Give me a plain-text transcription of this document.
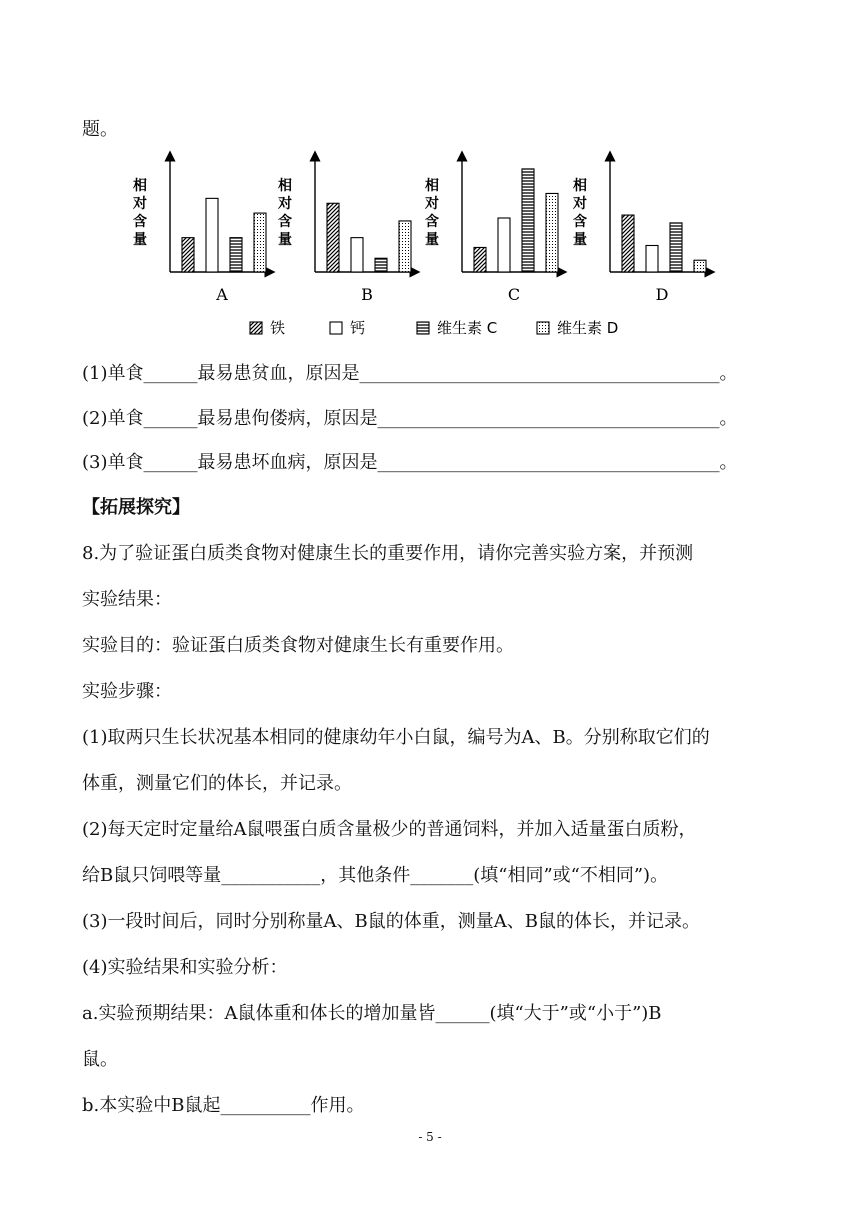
题。
相
对
含
量
A
相
对
含
量
B
相
对
含
量
C
相
对
含
量
D
铁	钙	维生素 C	维生素 D
(1)单食______最易患贫血，原因是________________________________________。
(2)单食______最易患佝偻病，原因是______________________________________。
(3)单食______最易患坏血病，原因是______________________________________。
【拓展探究】
8.为了验证蛋白质类食物对健康生长的重要作用，请你完善实验方案，并预测
实验结果：
实验目的：验证蛋白质类食物对健康生长有重要作用。
实验步骤：
(1)取两只生长状况基本相同的健康幼年小白鼠，编号为A、B。分别称取它们的
体重，测量它们的体长，并记录。
(2)每天定时定量给A鼠喂蛋白质含量极少的普通饲料，并加入适量蛋白质粉，
给B鼠只饲喂等量___________，其他条件_______(填“相同”或“不相同”)。
(3)一段时间后，同时分别称量A、B鼠的体重，测量A、B鼠的体长，并记录。
(4)实验结果和实验分析：
a.实验预期结果：A鼠体重和体长的增加量皆______(填“大于”或“小于”)B
鼠。
b.本实验中B鼠起__________作用。
- 5 -
